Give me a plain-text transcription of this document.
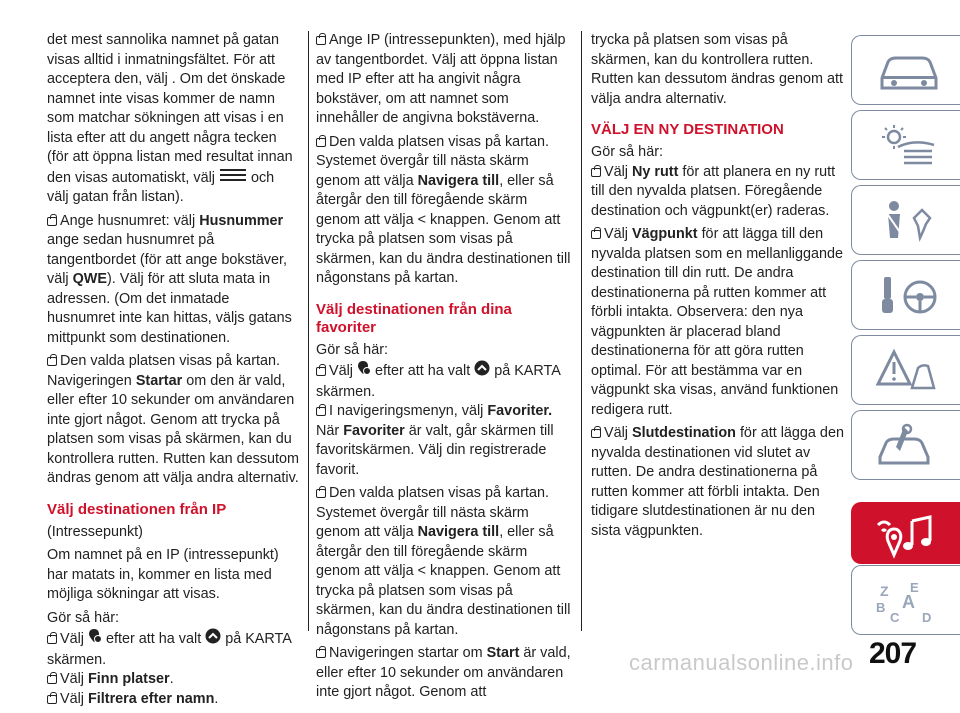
det mest sannolika namnet på gatan visas alltid i inmatningsfältet. För att acceptera den, välj . Om det önskade namnet inte visas kommer de namn som matchar sökningen att visas i en lista efter att du angett några tecken (för att öppna listan med resultat innan den visas automatiskt, välj	och välj gatan från listan).

Ange husnumret: välj Husnummer ange sedan husnumret på tangentbordet (för att ange bokstäver, välj QWE). Välj för att sluta mata in adressen. (Om det inmatade husnumret inte kan hittas, väljs gatans mittpunkt som destinationen.

Den valda platsen visas på kartan. Navigeringen Startar om den är vald, eller efter 10 sekunder om användaren inte gjort något. Genom att trycka på platsen som visas på skärmen, kan du kontrollera rutten. Rutten kan dessutom ändras genom att välja andra alternativ.

Välj destinationen från IP

(Intressepunkt)

Om namnet på en IP (intressepunkt) har matats in, kommer en lista med möjliga sökningar att visas.

Gör så här:

Välj efter att ha valt på KARTA skärmen.

Välj Finn platser.

Välj Filtrera efter namn.

Ange IP (intressepunkten), med hjälp av tangentbordet. Välj att öppna listan med IP efter att ha angivit några bokstäver, om att namnet som innehåller de angivna bokstäverna.

Den valda platsen visas på kartan. Systemet övergår till nästa skärm genom att välja Navigera till, eller så återgår den till föregående skärm genom att välja < knappen. Genom att trycka på platsen som visas på skärmen, kan du ändra destinationen till någonstans på kartan.

Välj destinationen från dina favoriter

Gör så här:

Välj efter att ha valt på KARTA skärmen.

I navigeringsmenyn, välj Favoriter. När Favoriter är valt, går skärmen till favoritskärmen. Välj din registrerade favorit.

Den valda platsen visas på kartan. Systemet övergår till nästa skärm genom att välja Navigera till, eller så återgår den till föregående skärm genom att välja < knappen. Genom att trycka på platsen som visas på skärmen, kan du ändra destinationen till någonstans på kartan.

Navigeringen startar om Start är vald, eller efter 10 sekunder om användaren inte gjort något. Genom att

trycka på platsen som visas på skärmen, kan du kontrollera rutten. Rutten kan dessutom ändras genom att välja andra alternativ.

VÄLJ EN NY DESTINATION

Gör så här:

Välj Ny rutt för att planera en ny rutt till den nyvalda platsen. Föregående destination och vägpunkt(er) raderas.

Välj Vägpunkt för att lägga till den nyvalda platsen som en mellanliggande destination till din rutt. De andra destinationerna på rutten kommer att förbli intakta. Observera: den nya vägpunkten är placerad bland destinationerna för att göra rutten optimal. För att bestämma var en vägpunkt ska visas, använd funktionen redigera rutt.

Välj Slutdestination för att lägga den nyvalda destinationen vid slutet av rutten. De andra destinationerna på rutten kommer att förbli intakta. Den tidigare slutdestinationen är nu den sista vägpunkten.

Z E
B A
C D
207
carmanualsonline.info
